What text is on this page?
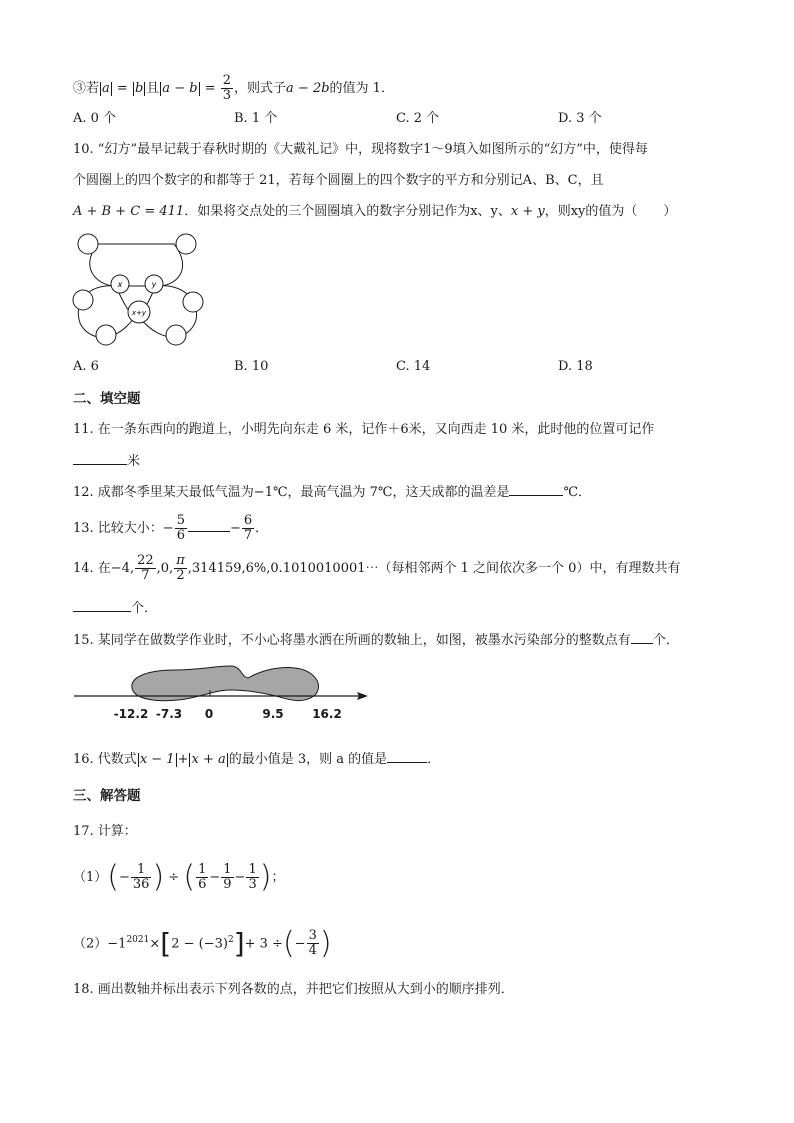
③若 a = b 且 $a - b = \frac{2}{3}$ ，则式子a − 2b的值为 1．
A. 0 个	B. 1 个	C. 2 个	D. 3 个
10. “幻方”最早记载于春秋时期的《大戴礼记》中，现将数字1～9填入如图所示的“幻方”中，使得每
个圆圈上的四个数字的和都等于 21，若每个圆圈上的四个数字的平方和分别记A、B、C，且
A + B + C = 411．如果将交点处的三个圆圈填入的数字分别记作为x、y、x + y，则xy的值为（　　）
x	y
x+y
A. 6	B. 10	C. 14	D. 18
二、填空题
11. 在一条东西向的跑道上，小明先向东走 6 米，记作＋6米，又向西走 10 米，此时他的位置可记作
米
12. 成都冬季里某天最低气温为−1℃，最高气温为 7℃，这天成都的温差是	℃．
13. 比较大小：− $\frac{5}{6}$	− $\frac{6}{7}$ ．
14. 在−4, $\frac{22}{7} ,0$, $\frac{\pi}{2}$ ,314159,6%,0.1010010001⋯（每相邻两个 1 之间依次多一个 0）中，有理数共有
个．
15. 某同学在做数学作业时，不小心将墨水洒在所画的数轴上，如图，被墨水污染部分的整数点有 个．
-12.2 -7.3 0	9.5 16.2
16. 代数式 x − 1 + x + a 的最小值是 3，则 a 的值是	．
三、解答题
17. 计算：
$(1)(- \frac{1}{36}$ ) ÷ ( $\frac{1}{6} - \frac{1}{9} - \frac{1}{3}$ )；
$(2)-1^{2021}\times[2 - (-3)^2]+ 3$ ÷(− $\frac{3}{4}$ )
18. 画出数轴并标出表示下列各数的点，并把它们按照从大到小的顺序排列．
